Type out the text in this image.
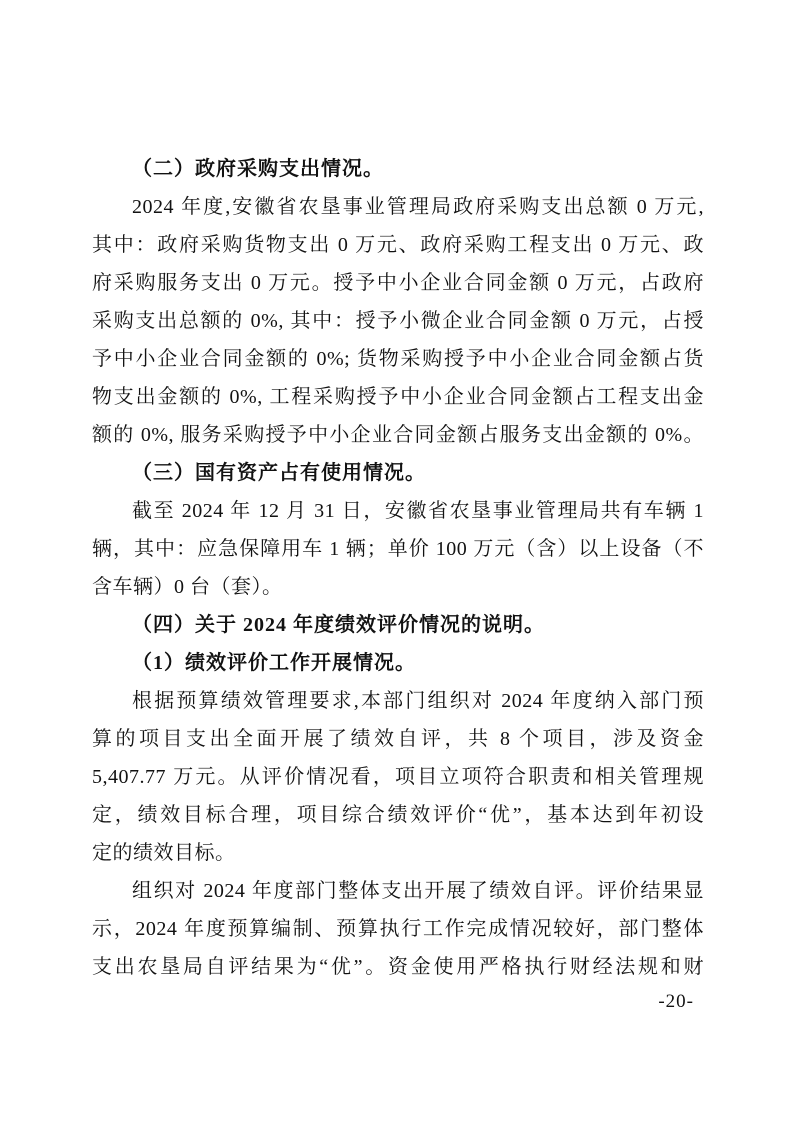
（二）政府采购支出情况。

2024 年度,安徽省农垦事业管理局政府采购支出总额 0 万元,

其中：政府采购货物支出 0 万元、政府采购工程支出 0 万元、政

府采购服务支出 0 万元。授予中小企业合同金额 0 万元，占政府

采购支出总额的 0%, 其中：授予小微企业合同金额 0 万元，占授

予中小企业合同金额的 0%; 货物采购授予中小企业合同金额占货

物支出金额的 0%, 工程采购授予中小企业合同金额占工程支出金

额的 0%, 服务采购授予中小企业合同金额占服务支出金额的 0%。

（三）国有资产占有使用情况。

截至 2024 年 12 月 31 日，安徽省农垦事业管理局共有车辆 1

辆，其中：应急保障用车 1 辆；单价 100 万元（含）以上设备（不

含车辆）0 台（套）。

（四）关于 2024 年度绩效评价情况的说明。

（1）绩效评价工作开展情况。

根据预算绩效管理要求,本部门组织对 2024 年度纳入部门预

算的项目支出全面开展了绩效自评，共 8 个项目，涉及资金

5,407.77 万元。从评价情况看，项目立项符合职责和相关管理规

定，绩效目标合理，项目综合绩效评价“优”，基本达到年初设

定的绩效目标。

组织对 2024 年度部门整体支出开展了绩效自评。评价结果显

示，2024 年度预算编制、预算执行工作完成情况较好，部门整体

支出农垦局自评结果为“优”。资金使用严格执行财经法规和财

-20-
